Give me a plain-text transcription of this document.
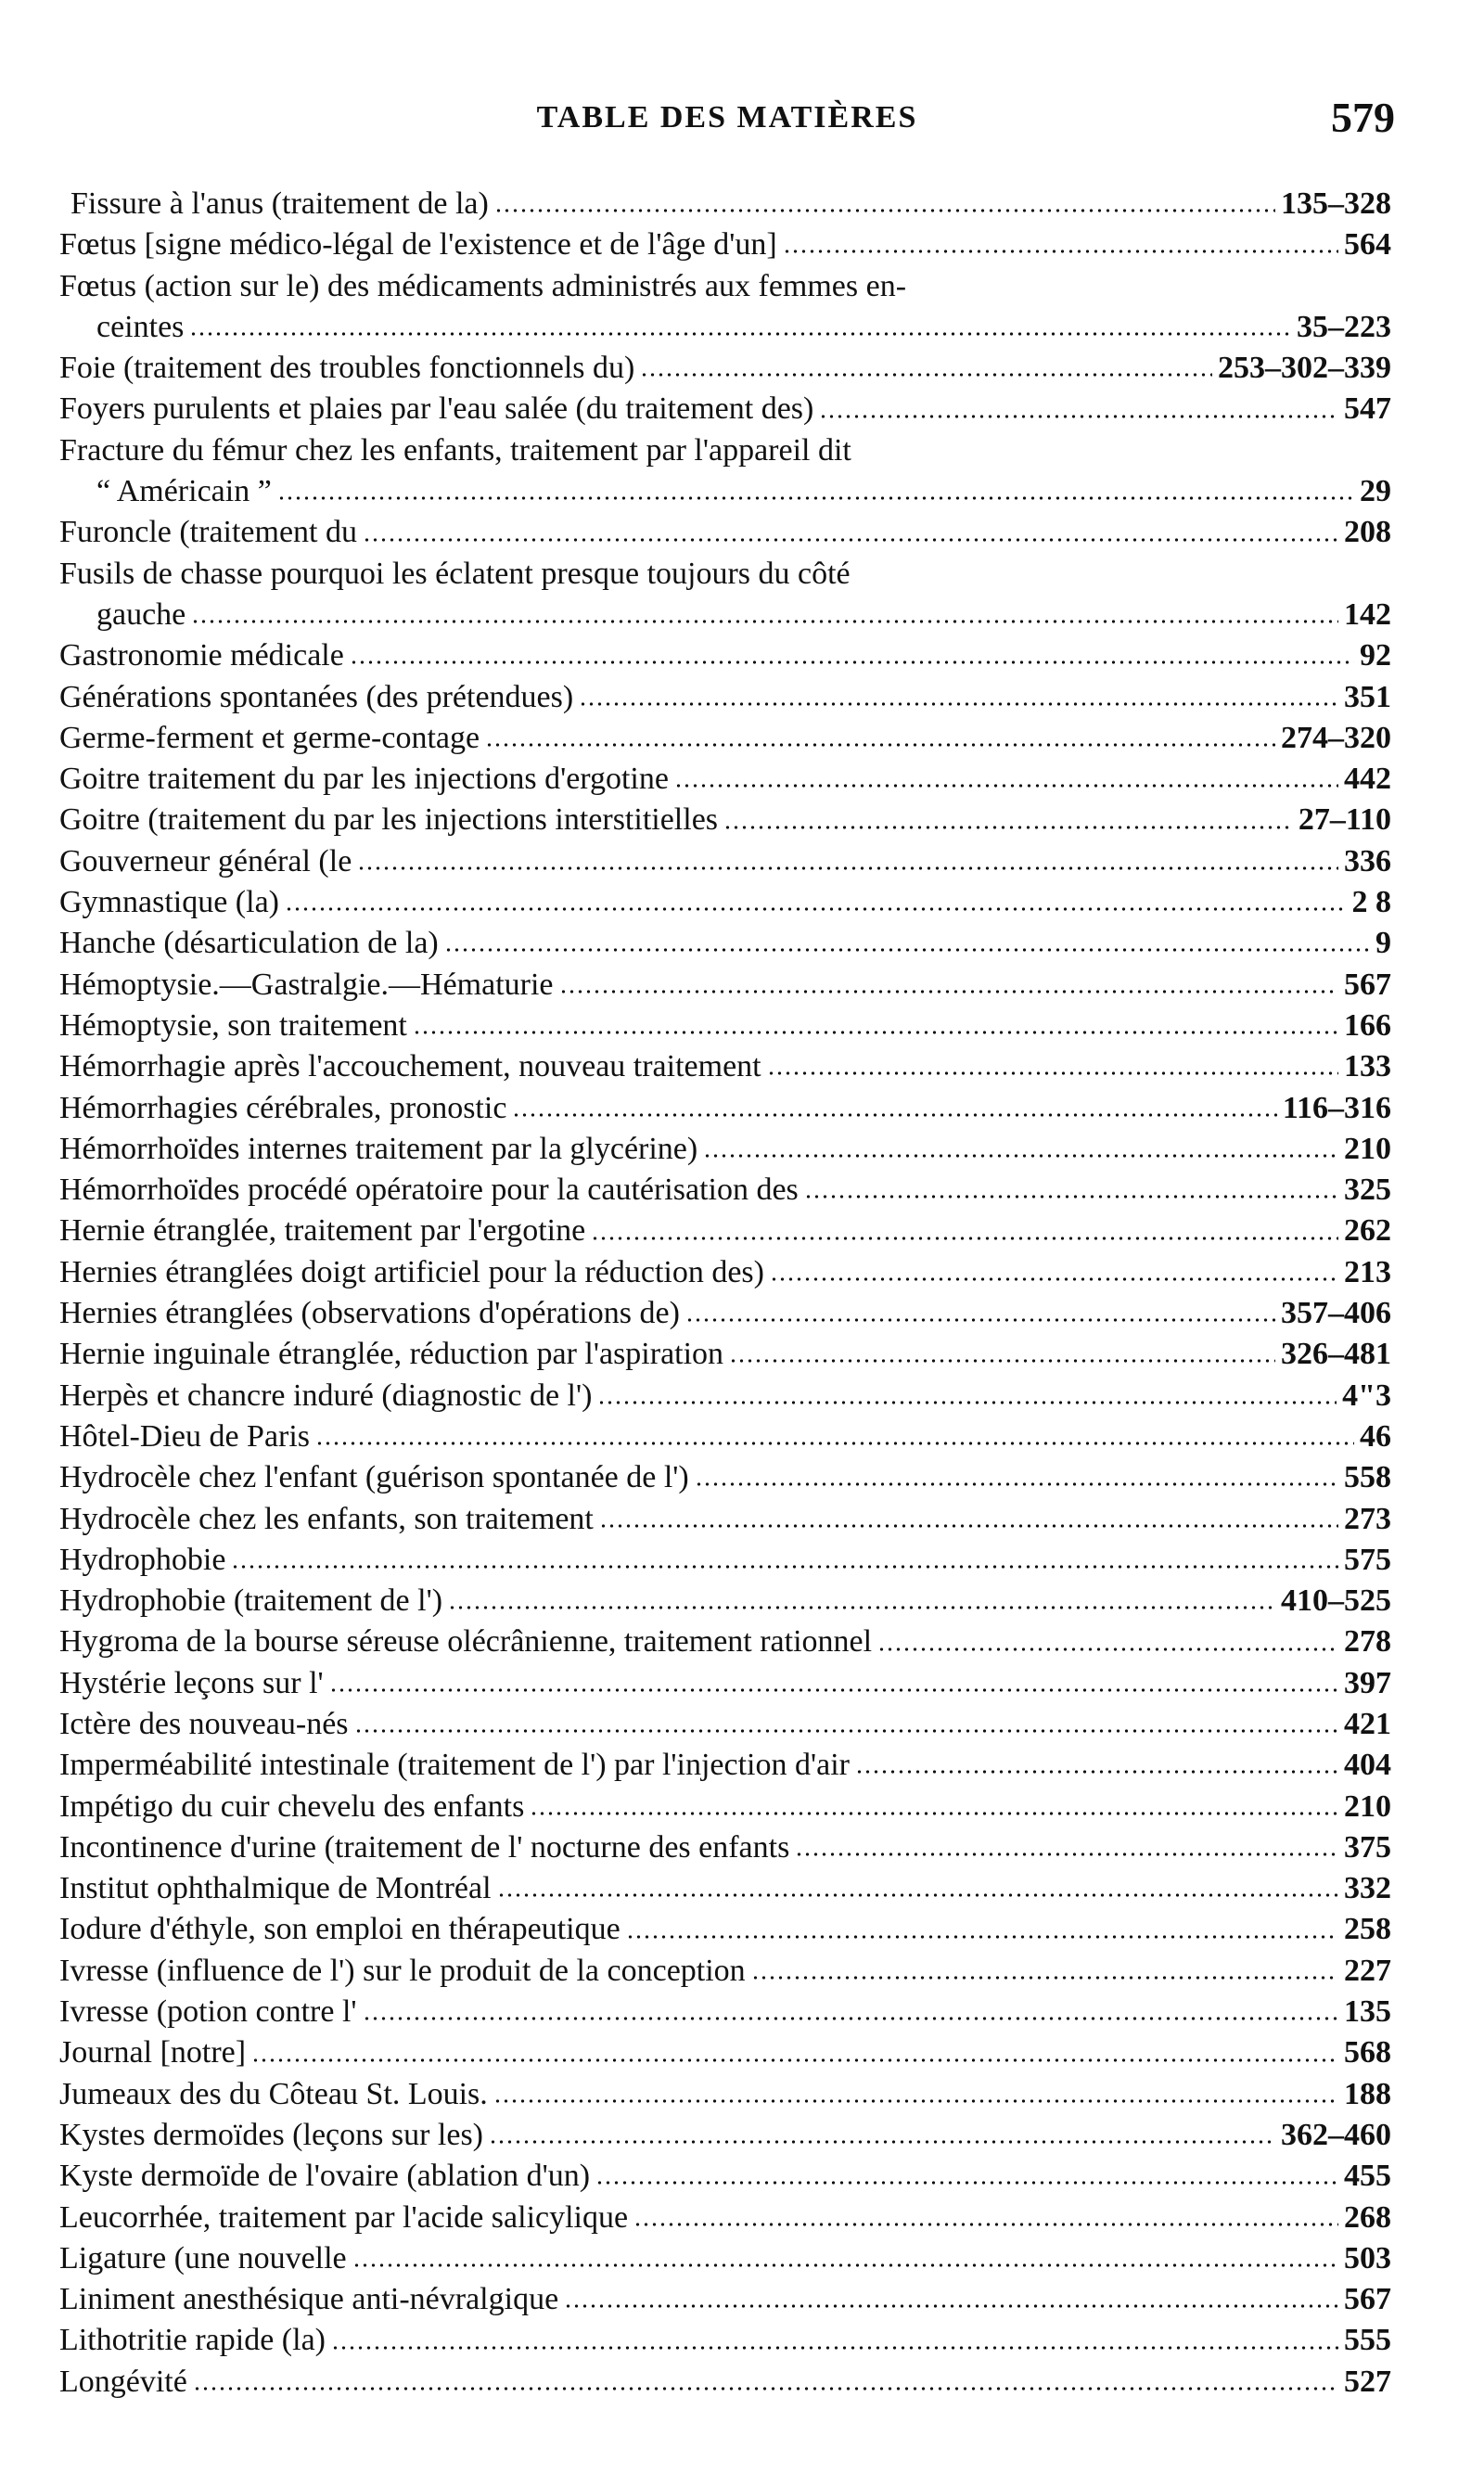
TABLE DES MATIÈRES	579
Fissure à l'anus (traitement de la)	135–328
Fœtus [signe médico-légal de l'existence et de l'âge d'un]	564
Fœtus (action sur le) des médicaments administrés aux femmes en-
ceintes	35–223
Foie (traitement des troubles fonctionnels du)	253–302–339
Foyers purulents et plaies par l'eau salée (du traitement des)	547
Fracture du fémur chez les enfants, traitement par l'appareil dit
“ Américain ”	29
Furoncle (traitement du	208
Fusils de chasse pourquoi les éclatent presque toujours du côté
gauche	142
Gastronomie médicale	92
Générations spontanées (des prétendues)	351
Germe-ferment et germe-contage	274–320
Goitre traitement du par les injections d'ergotine	442
Goitre (traitement du par les injections interstitielles	27–110
Gouverneur général (le	336
Gymnastique (la)	2 8
Hanche (désarticulation de la)	9
Hémoptysie.—Gastralgie.—Hématurie	567
Hémoptysie, son traitement	166
Hémorrhagie après l'accouchement, nouveau traitement	133
Hémorrhagies cérébrales, pronostic	116–316
Hémorrhoïdes internes traitement par la glycérine)	210
Hémorrhoïdes procédé opératoire pour la cautérisation des	325
Hernie étranglée, traitement par l'ergotine	262
Hernies étranglées doigt artificiel pour la réduction des)	213
Hernies étranglées (observations d'opérations de)	357–406
Hernie inguinale étranglée, réduction par l'aspiration	326–481
Herpès et chancre induré (diagnostic de l')	4"3
Hôtel-Dieu de Paris	46
Hydrocèle chez l'enfant (guérison spontanée de l')	558
Hydrocèle chez les enfants, son traitement	273
Hydrophobie	575
Hydrophobie (traitement de l')	410–525
Hygroma de la bourse séreuse olécrânienne, traitement rationnel	278
Hystérie leçons sur l'	397
Ictère des nouveau-nés	421
Imperméabilité intestinale (traitement de l') par l'injection d'air	404
Impétigo du cuir chevelu des enfants	210
Incontinence d'urine (traitement de l' nocturne des enfants	375
Institut ophthalmique de Montréal	332
Iodure d'éthyle, son emploi en thérapeutique	258
Ivresse (influence de l') sur le produit de la conception	227
Ivresse (potion contre l'	135
Journal [notre]	568
Jumeaux des du Côteau St. Louis.	188
Kystes dermoïdes (leçons sur les)	362–460
Kyste dermoïde de l'ovaire (ablation d'un)	455
Leucorrhée, traitement par l'acide salicylique	268
Ligature (une nouvelle	503
Liniment anesthésique anti-névralgique	567
Lithotritie rapide (la)	555
Longévité	527
